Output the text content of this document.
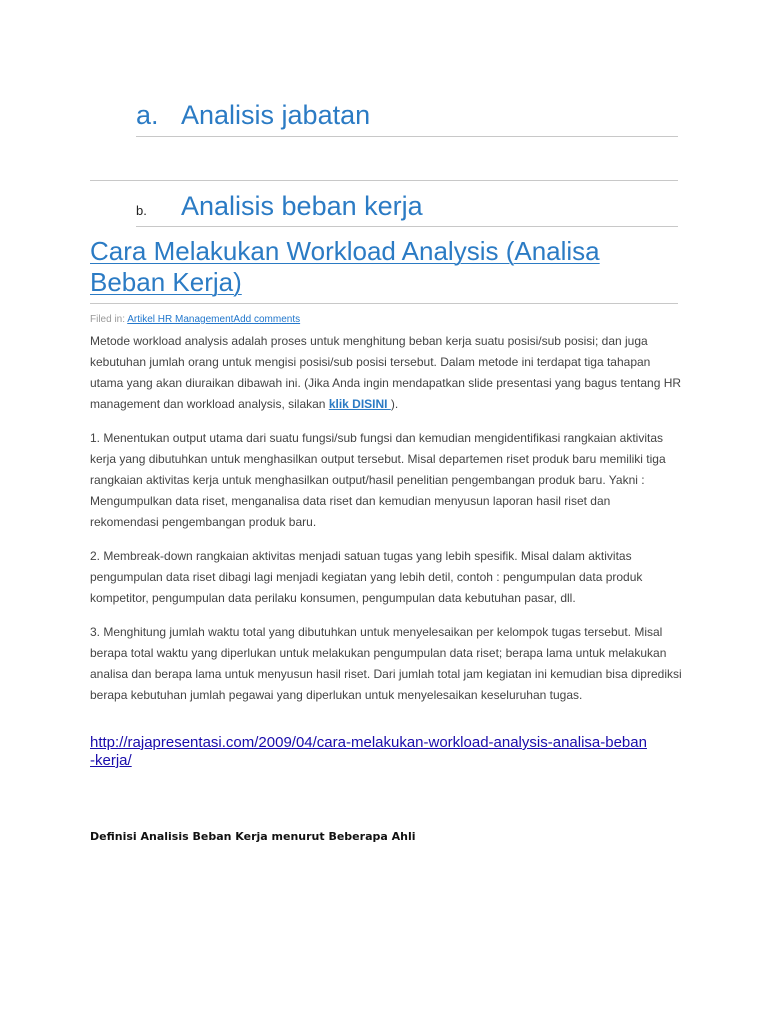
a. Analisis jabatan
b. Analisis beban kerja
Cara Melakukan Workload Analysis (Analisa Beban Kerja)
Filed in: Artikel HR ManagementAdd comments

Metode workload analysis adalah proses untuk menghitung beban kerja suatu posisi/sub posisi; dan juga kebutuhan jumlah orang untuk mengisi posisi/sub posisi tersebut. Dalam metode ini terdapat tiga tahapan utama yang akan diuraikan dibawah ini. (Jika Anda ingin mendapatkan slide presentasi yang bagus tentang HR management dan workload analysis, silakan klik DISINI ).

1. Menentukan output utama dari suatu fungsi/sub fungsi dan kemudian mengidentifikasi rangkaian aktivitas kerja yang dibutuhkan untuk menghasilkan output tersebut. Misal departemen riset produk baru memiliki tiga rangkaian aktivitas kerja untuk menghasilkan output/hasil penelitian pengembangan produk baru. Yakni : Mengumpulkan data riset, menganalisa data riset dan kemudian menyusun laporan hasil riset dan rekomendasi pengembangan produk baru.

2. Membreak-down rangkaian aktivitas menjadi satuan tugas yang lebih spesifik. Misal dalam aktivitas pengumpulan data riset dibagi lagi menjadi kegiatan yang lebih detil, contoh : pengumpulan data produk kompetitor, pengumpulan data perilaku konsumen, pengumpulan data kebutuhan pasar, dll.

3. Menghitung jumlah waktu total yang dibutuhkan untuk menyelesaikan per kelompok tugas tersebut. Misal berapa total waktu yang diperlukan untuk melakukan pengumpulan data riset; berapa lama untuk melakukan analisa dan berapa lama untuk menyusun hasil riset. Dari jumlah total jam kegiatan ini kemudian bisa diprediksi berapa kebutuhan jumlah pegawai yang diperlukan untuk menyelesaikan keseluruhan tugas.

http://rajapresentasi.com/2009/04/cara-melakukan-workload-analysis-analisa-beban-kerja/
Definisi Analisis Beban Kerja menurut Beberapa Ahli
